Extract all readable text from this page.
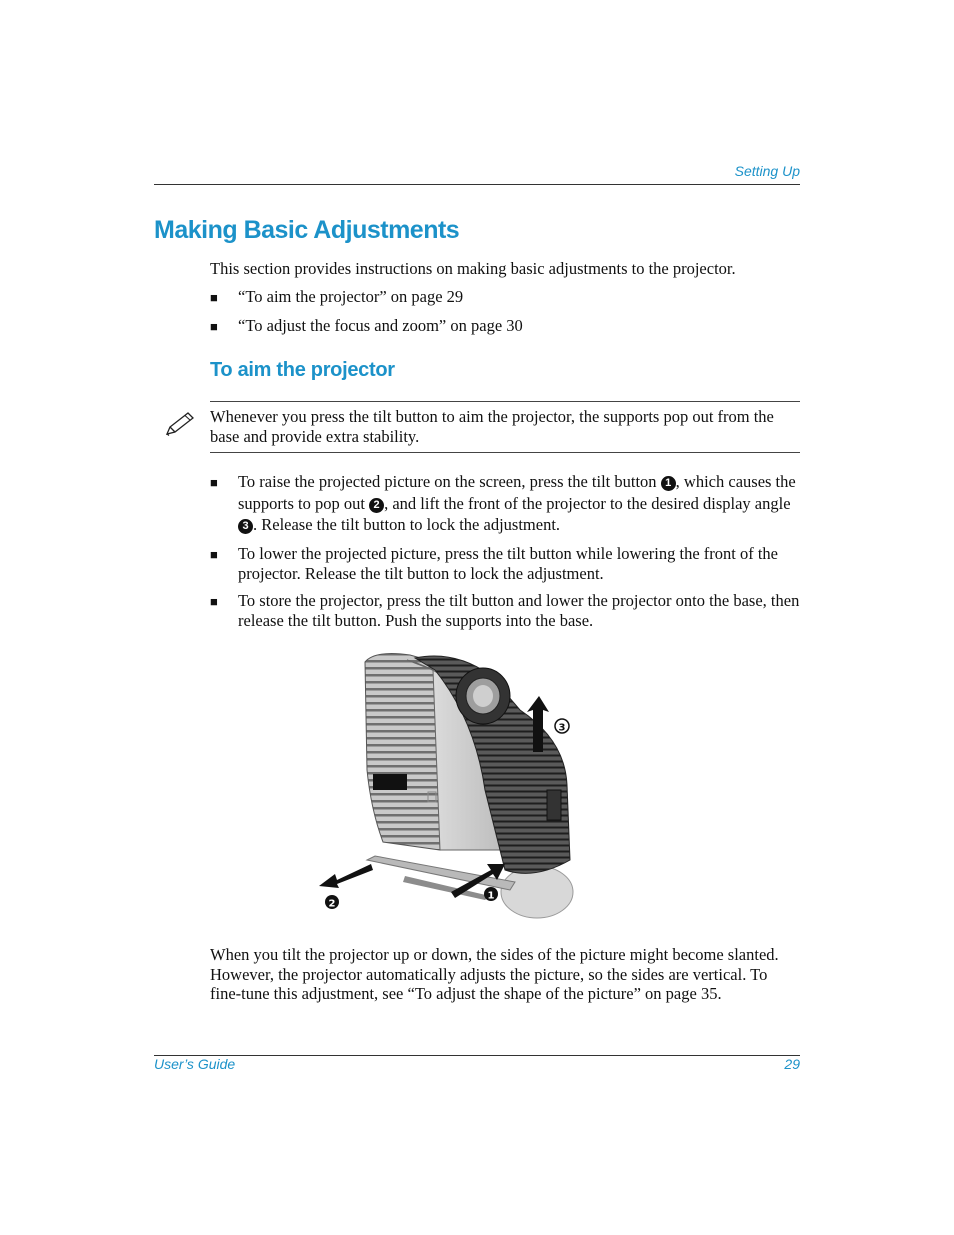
Setting Up
Making Basic Adjustments
This section provides instructions on making basic adjustments to the projector.
■ “To aim the projector” on page 29
■ “To adjust the focus and zoom” on page 30
To aim the projector
Whenever you press the tilt button to aim the projector, the supports pop out from the base and provide extra stability.
■ To raise the projected picture on the screen, press the tilt button 1 , which causes the supports to pop out 2 , and lift the front of the projector to the desired display angle 3 . Release the tilt button to lock the adjustment.
■ To lower the projected picture, press the tilt button while lowering the front of the projector. Release the tilt button to lock the adjustment.
■ To store the projector, press the tilt button and lower the projector onto the base, then release the tilt button. Push the supports into the base.
3
1
2
When you tilt the projector up or down, the sides of the picture might become slanted. However, the projector automatically adjusts the picture, so the sides are vertical. To fine-tune this adjustment, see “To adjust the shape of the picture” on page 35.
User’s Guide	29
